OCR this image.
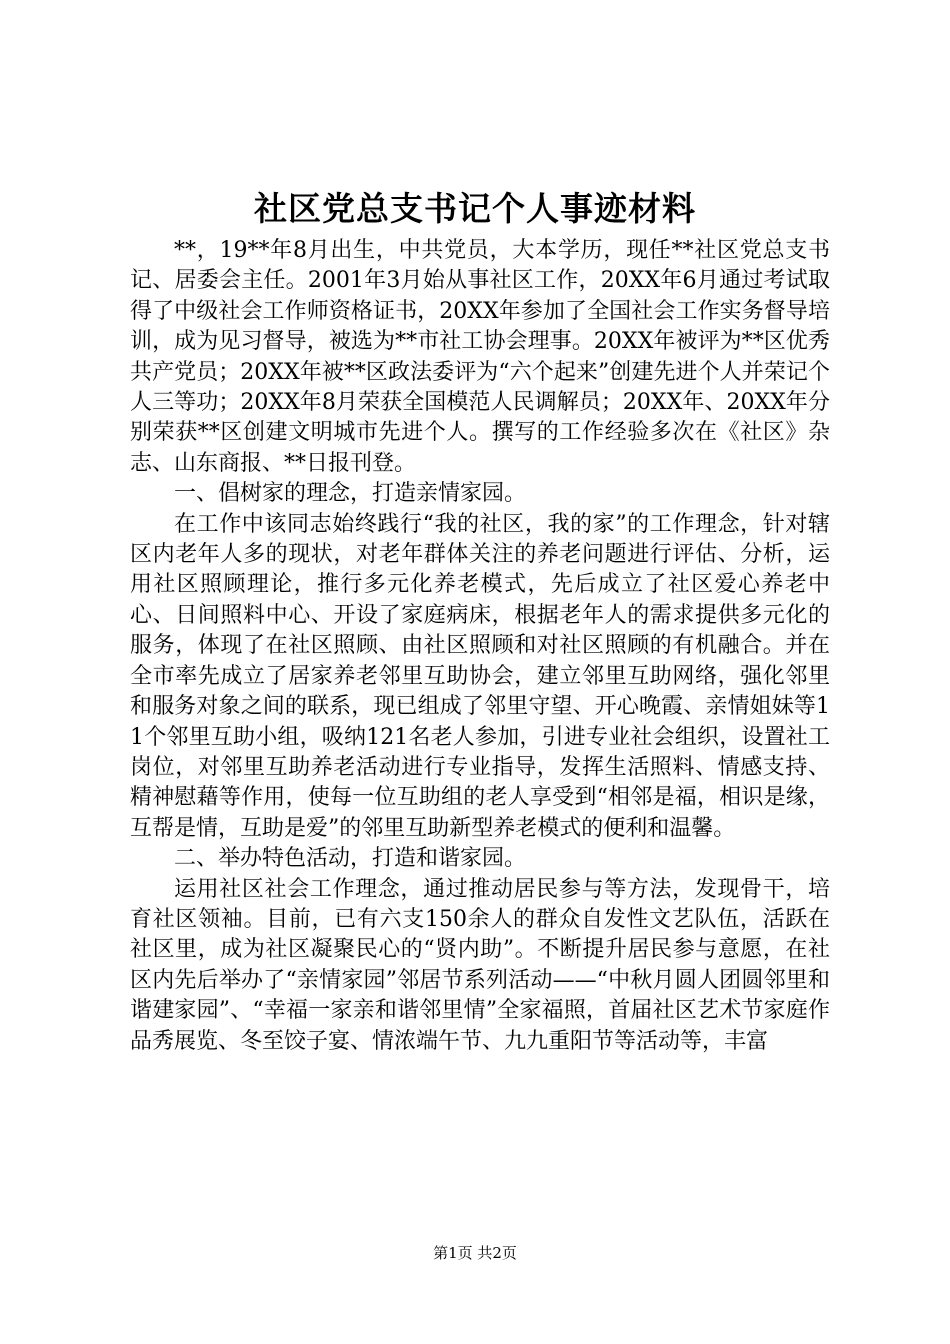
社区党总支书记个人事迹材料

**，19**年8月出生，中共党员，大本学历，现任**社区党总支书记、居委会主任。2001年3月始从事社区工作，20XX年6月通过考试取得了中级社会工作师资格证书，20XX年参加了全国社会工作实务督导培训，成为见习督导，被选为**市社工协会理事。20XX年被评为**区优秀共产党员；20XX年被**区政法委评为“六个起来”创建先进个人并荣记个人三等功；20XX年8月荣获全国模范人民调解员；20XX年、20XX年分别荣获**区创建文明城市先进个人。撰写的工作经验多次在《社区》杂志、山东商报、**日报刊登。

一、倡树家的理念，打造亲情家园。

在工作中该同志始终践行“我的社区，我的家”的工作理念，针对辖区内老年人多的现状，对老年群体关注的养老问题进行评估、分析，运用社区照顾理论，推行多元化养老模式，先后成立了社区爱心养老中心、日间照料中心、开设了家庭病床，根据老年人的需求提供多元化的服务，体现了在社区照顾、由社区照顾和对社区照顾的有机融合。并在全市率先成立了居家养老邻里互助协会，建立邻里互助网络，强化邻里和服务对象之间的联系，现已组成了邻里守望、开心晚霞、亲情姐妹等11个邻里互助小组，吸纳121名老人参加，引进专业社会组织，设置社工岗位，对邻里互助养老活动进行专业指导，发挥生活照料、情感支持、精神慰藉等作用，使每一位互助组的老人享受到“相邻是福，相识是缘，互帮是情，互助是爱”的邻里互助新型养老模式的便利和温馨。

二、举办特色活动，打造和谐家园。

运用社区社会工作理念，通过推动居民参与等方法，发现骨干，培育社区领袖。目前，已有六支150余人的群众自发性文艺队伍，活跃在社区里，成为社区凝聚民心的“贤内助”。不断提升居民参与意愿，在社区内先后举办了“亲情家园”邻居节系列活动——“中秋月圆人团圆邻里和谐建家园”、“幸福一家亲和谐邻里情”全家福照，首届社区艺术节家庭作品秀展览、冬至饺子宴、情浓端午节、九九重阳节等活动等，丰富

第1页 共2页
